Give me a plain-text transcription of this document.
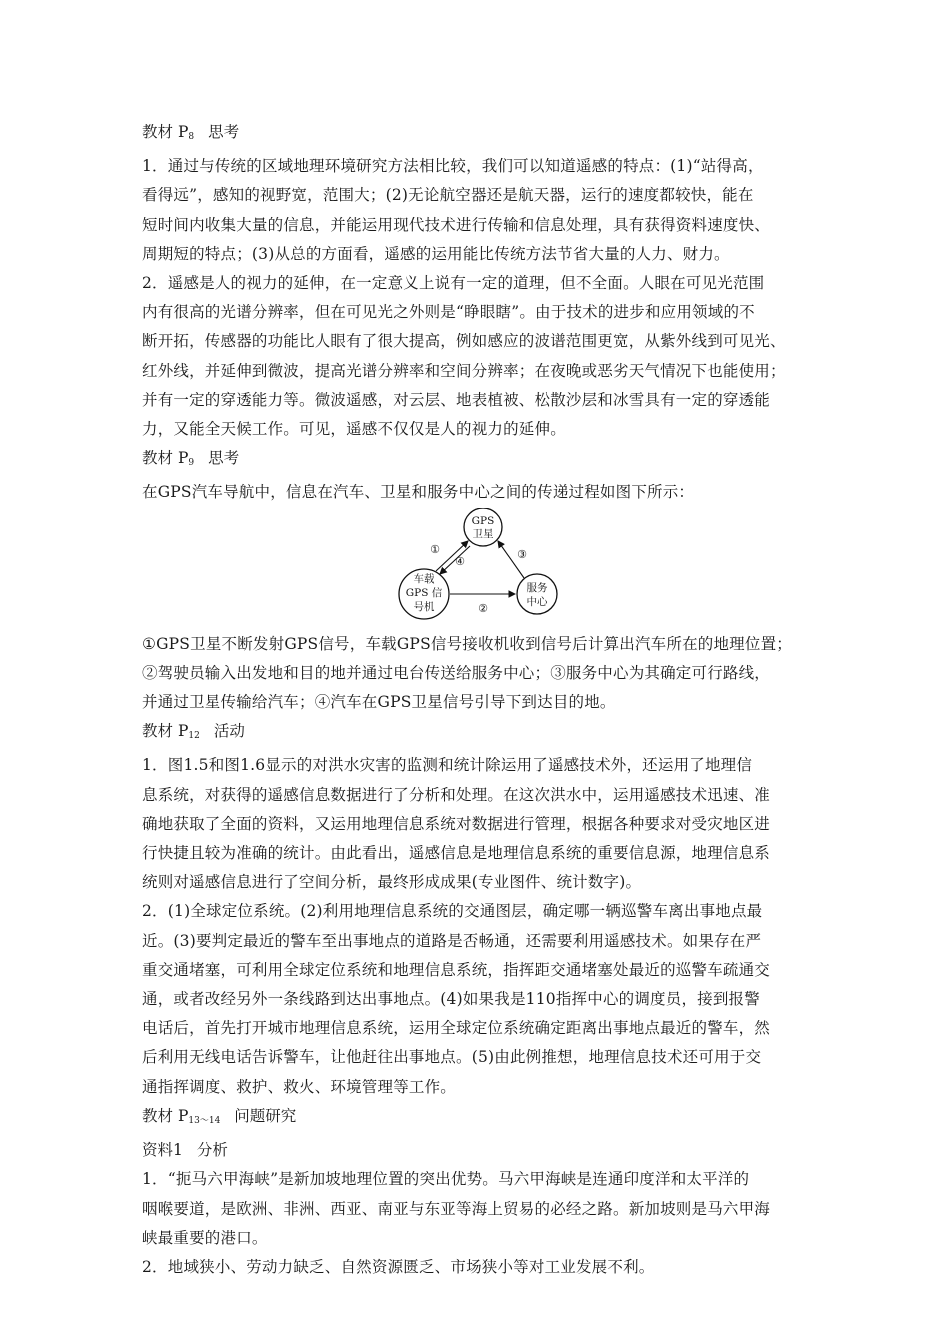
教材 $P_8$ 思考
1．通过与传统的区域地理环境研究方法相比较，我们可以知道遥感的特点：(1)“站得高，
看得远”，感知的视野宽，范围大；(2)无论航空器还是航天器，运行的速度都较快，能在
短时间内收集大量的信息，并能运用现代技术进行传输和信息处理，具有获得资料速度快、
周期短的特点；(3)从总的方面看，遥感的运用能比传统方法节省大量的人力、财力。
2．遥感是人的视力的延伸，在一定意义上说有一定的道理，但不全面。人眼在可见光范围
内有很高的光谱分辨率，但在可见光之外则是“睁眼瞎”。由于技术的进步和应用领域的不
断开拓，传感器的功能比人眼有了很大提高，例如感应的波谱范围更宽，从紫外线到可见光、
红外线，并延伸到微波，提高光谱分辨率和空间分辨率；在夜晚或恶劣天气情况下也能使用；
并有一定的穿透能力等。微波遥感，对云层、地表植被、松散沙层和冰雪具有一定的穿透能
力，又能全天候工作。可见，遥感不仅仅是人的视力的延伸。
教材 $P_9$ 思考
在GPS汽车导航中，信息在汽车、卫星和服务中心之间的传递过程如图下所示：
GPS
卫星
车载
GPS 信
号机
服务
中心
①
④
③
②
①GPS卫星不断发射GPS信号，车载GPS信号接收机收到信号后计算出汽车所在的地理位置；
②驾驶员输入出发地和目的地并通过电台传送给服务中心；③服务中心为其确定可行路线，
并通过卫星传输给汽车；④汽车在GPS卫星信号引导下到达目的地。
教材 $P_{12}$ 活动
1．图1.5和图1.6显示的对洪水灾害的监测和统计除运用了遥感技术外，还运用了地理信
息系统，对获得的遥感信息数据进行了分析和处理。在这次洪水中，运用遥感技术迅速、准
确地获取了全面的资料，又运用地理信息系统对数据进行管理，根据各种要求对受灾地区进
行快捷且较为准确的统计。由此看出，遥感信息是地理信息系统的重要信息源，地理信息系
统则对遥感信息进行了空间分析，最终形成成果(专业图件、统计数字)。
2．(1)全球定位系统。(2)利用地理信息系统的交通图层，确定哪一辆巡警车离出事地点最
近。(3)要判定最近的警车至出事地点的道路是否畅通，还需要利用遥感技术。如果存在严
重交通堵塞，可利用全球定位系统和地理信息系统，指挥距交通堵塞处最近的巡警车疏通交
通，或者改经另外一条线路到达出事地点。(4)如果我是110指挥中心的调度员，接到报警
电话后，首先打开城市地理信息系统，运用全球定位系统确定距离出事地点最近的警车，然
后利用无线电话告诉警车，让他赶往出事地点。(5)由此例推想，地理信息技术还可用于交
通指挥调度、救护、救火、环境管理等工作。
教材 $P_{13\sim 14}$ 问题研究
资料1 分析
1．“扼马六甲海峡”是新加坡地理位置的突出优势。马六甲海峡是连通印度洋和太平洋的
咽喉要道，是欧洲、非洲、西亚、南亚与东亚等海上贸易的必经之路。新加坡则是马六甲海
峡最重要的港口。
2．地域狭小、劳动力缺乏、自然资源匮乏、市场狭小等对工业发展不利。
